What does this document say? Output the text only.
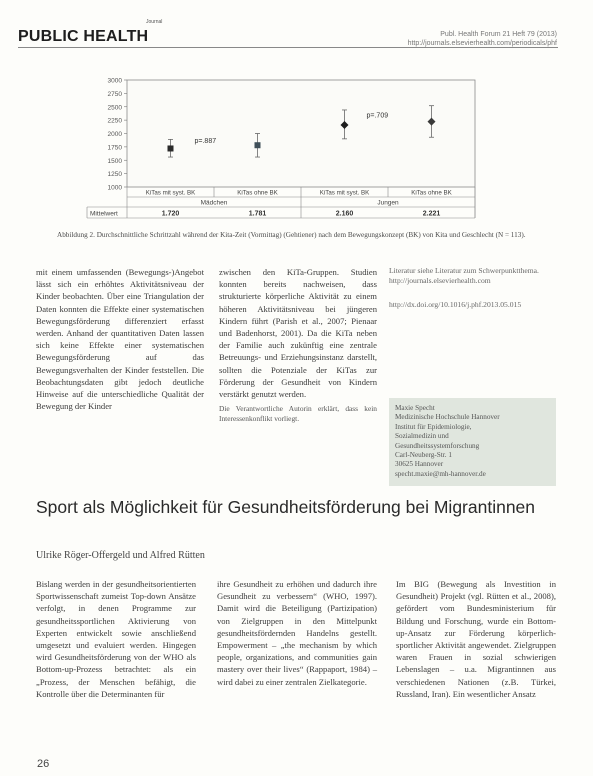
Journal
PUBLIC HEALTH	Publ. Health Forum 21 Heft 79 (2013)
http://journals.elsevierhealth.com/periodicals/phf
3000
2750
2500
2250
2000
1750
1500
1250
1000
p=.887
p=.709
KiTas mit syst. BK
1.720
KiTas ohne BK
1.781
KiTas mit syst. BK
2.160
KiTas ohne BK
2.221
Mädchen	Jungen
Mittelwert
Abbildung 2. Durchschnittliche Schrittzahl während der Kita-Zeit (Vormittag) (Gehtiener) nach dem Bewegungskonzept (BK) von Kita und Geschlecht (N = 113).

mit einem umfassenden (Bewegungs-)Angebot lässt sich ein erhöhtes Aktivitätsniveau der Kinder beobachten. Über eine Triangulation der Daten konnten die Effekte einer systematischen Bewegungsförderung differenziert erfasst werden. Anhand der quantitativen Daten lassen sich keine Effekte einer systematischen Bewegungsförderung auf das Bewegungsverhalten der Kinder feststellen. Die Beobachtungsdaten gibt jedoch deutliche Hinweise auf die unterschiedliche Qualität der Bewegung der Kinder

zwischen den KiTa-Gruppen. Studien konnten bereits nachweisen, dass strukturierte körperliche Aktivität zu einem höheren Aktivitätsniveau bei jüngeren Kindern führt (Parish et al., 2007; Pienaar und Badenhorst, 2001). Da die KiTa neben der Familie auch zukünftig eine zentrale Betreuungs- und Erziehungsinstanz darstellt, sollten die Potenziale der KiTas zur Förderung der Gesundheit von Kindern verstärkt genutzt werden.

Die Verantwortliche Autorin erklärt, dass kein Interessenkonflikt vorliegt.

Literatur siehe Literatur zum Schwerpunktthema. http://journals.elsevierhealth.com

http://dx.doi.org/10.1016/j.phf.2013.05.015

Maxie Specht
Medizinische Hochschule Hannover
Institut für Epidemiologie,
Sozialmedizin und
Gesundheitssystemforschung
Carl-Neuberg-Str. 1
30625 Hannover
specht.maxie@mh-hannover.de
Sport als Möglichkeit für Gesundheitsförderung bei Migrantinnen
Ulrike Röger-Offergeld und Alfred Rütten

Bislang werden in der gesundheitsorientierten Sportwissenschaft zumeist Top-down Ansätze verfolgt, in denen Programme zur gesundheitssportlichen Aktivierung von Experten entwickelt sowie anschließend umgesetzt und evaluiert werden. Hingegen wird Gesundheitsförderung von der WHO als Bottom-up-Prozess betrachtet: als ein „Prozess, der Menschen befähigt, die Kontrolle über die Determinanten für

ihre Gesundheit zu erhöhen und dadurch ihre Gesundheit zu verbessern“ (WHO, 1997). Damit wird die Beteiligung (Partizipation) von Zielgruppen in den Mittelpunkt gesundheitsfördernden Handelns gestellt. Empowerment – „the mechanism by which people, organizations, and communities gain mastery over their lives“ (Rappaport, 1984) – wird dabei zu einer zentralen Zielkategorie.

Im BIG (Bewegung als Investition in Gesundheit) Projekt (vgl. Rütten et al., 2008), gefördert vom Bundesministerium für Bildung und Forschung, wurde ein Bottom-up-Ansatz zur Förderung körperlich-sportlicher Aktivität angewendet. Zielgruppen waren Frauen in sozial schwierigen Lebenslagen – u.a. Migrantinnen aus verschiedenen Nationen (z.B. Türkei, Russland, Iran). Ein wesentlicher Ansatz

26
